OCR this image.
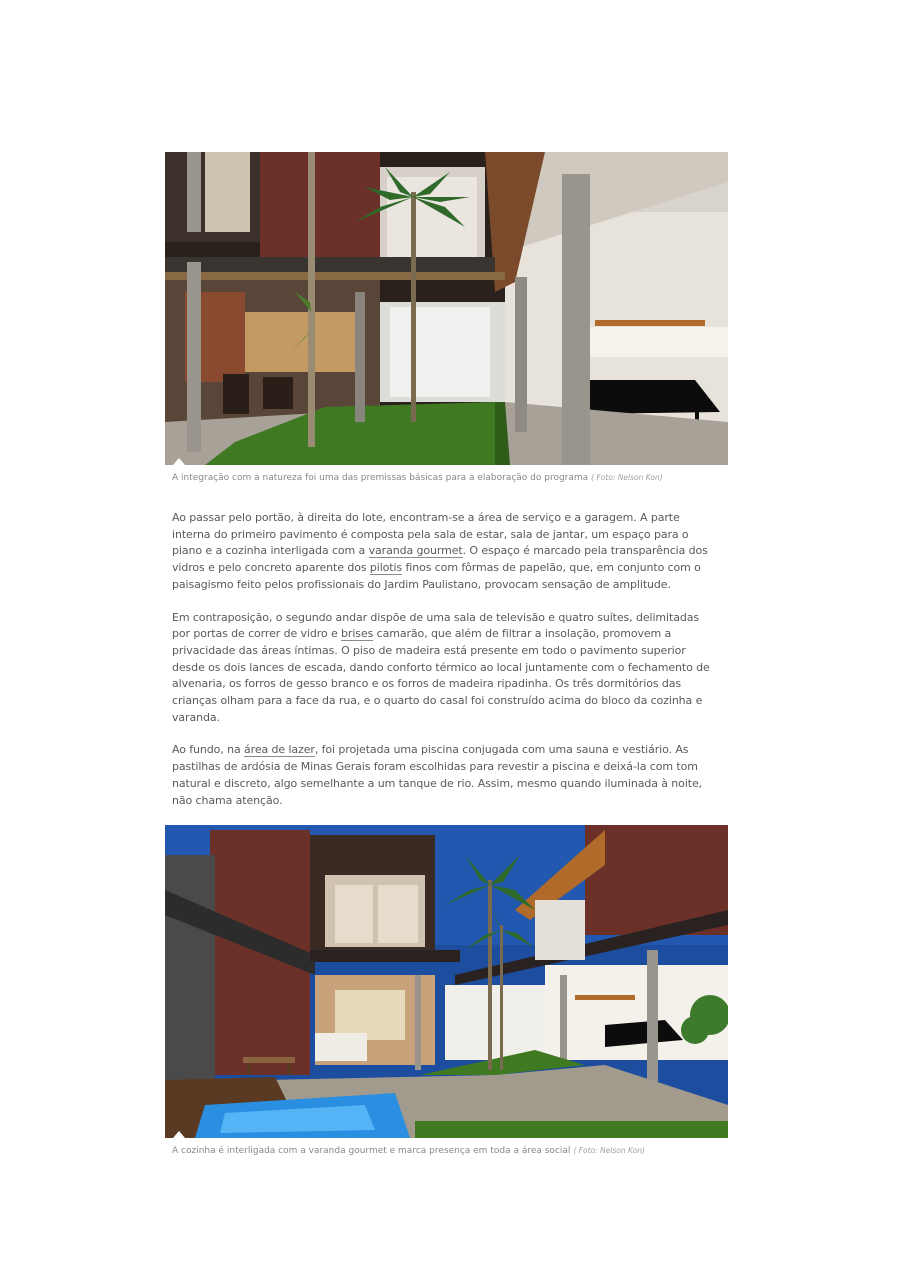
A integração com a natureza foi uma das premissas básicas para a elaboração do programa ( Foto: Nelson Kon)

Ao passar pelo portão, à direita do lote, encontram-se a área de serviço e a garagem. A parte interna do primeiro pavimento é composta pela sala de estar, sala de jantar, um espaço para o piano e a cozinha interligada com a varanda gourmet. O espaço é marcado pela transparência dos vidros e pelo concreto aparente dos pilotis finos com fôrmas de papelão, que, em conjunto com o paisagismo feito pelos profissionais do Jardim Paulistano, provocam sensação de amplitude.

Em contraposição, o segundo andar dispõe de uma sala de televisão e quatro suítes, delimitadas por portas de correr de vidro e brises camarão, que além de filtrar a insolação, promovem a privacidade das áreas íntimas. O piso de madeira está presente em todo o pavimento superior desde os dois lances de escada, dando conforto térmico ao local juntamente com o fechamento de alvenaria, os forros de gesso branco e os forros de madeira ripadinha. Os três dormitórios das crianças olham para a face da rua, e o quarto do casal foi construído acima do bloco da cozinha e varanda.

Ao fundo, na área de lazer, foi projetada uma piscina conjugada com uma sauna e vestiário. As pastilhas de ardósia de Minas Gerais foram escolhidas para revestir a piscina e deixá-la com tom natural e discreto, algo semelhante a um tanque de rio. Assim, mesmo quando iluminada à noite, não chama atenção.

A cozinha é interligada com a varanda gourmet e marca presença em toda a área social ( Foto: Nelson Kon)
